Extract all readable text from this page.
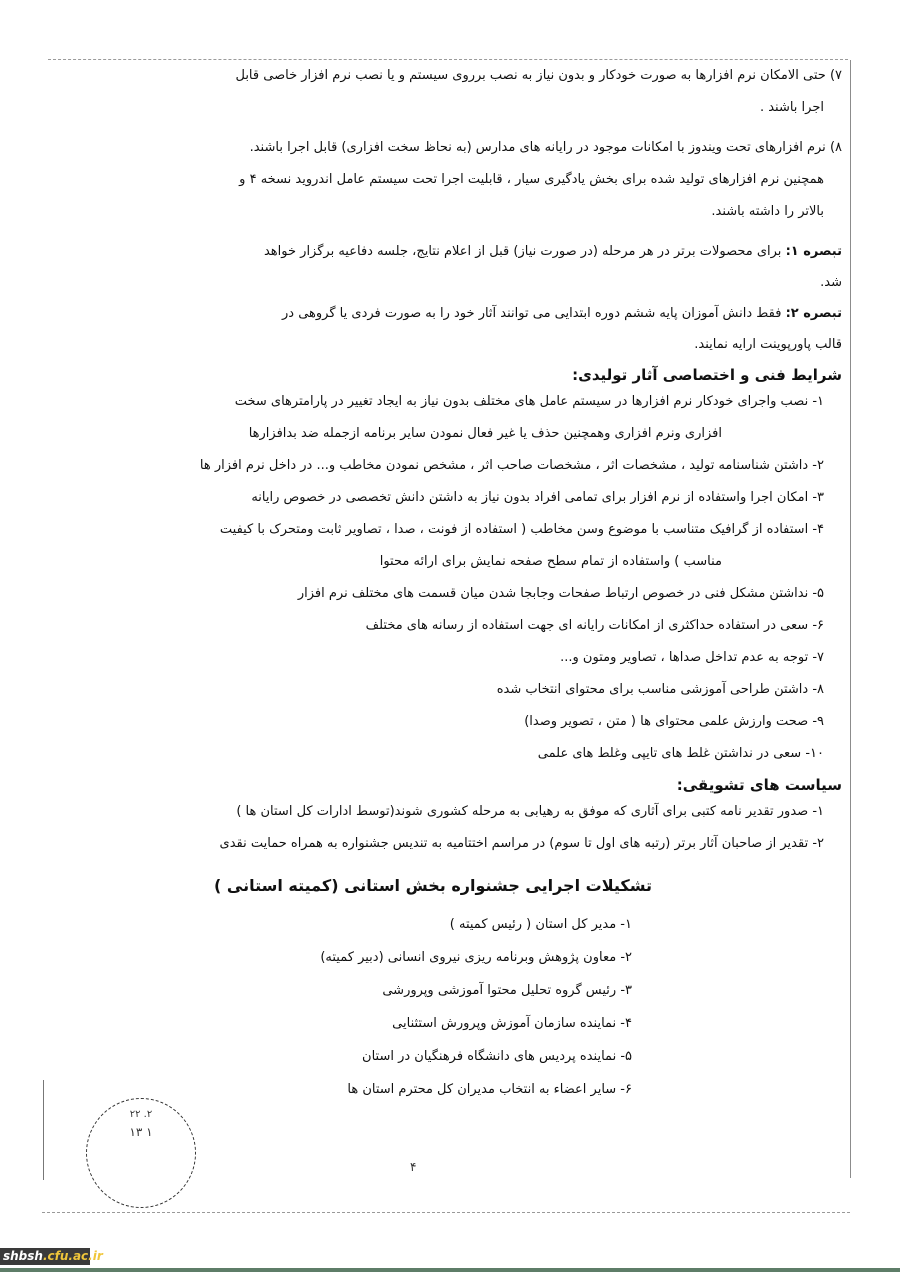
۷) حتی الامکان نرم افزارها به صورت خودکار و بدون نیاز به نصب برروی سیستم و یا نصب نرم افزار خاصی قابل
اجرا باشند .
۸) نرم افزارهای تحت ویندوز با امکانات موجود در رایانه های مدارس (به نحاظ سخت افزاری) قابل اجرا باشند.
همچنین نرم افزارهای تولید شده برای بخش یادگیری سیار ، قابلیت اجرا تحت سیستم عامل اندروید نسخه ۴ و
بالاتر را داشته باشند.
تبصره ۱: برای محصولات برتر در هر مرحله (در صورت نیاز) قبل از اعلام نتایج، جلسه دفاعیه برگزار خواهد
شد.
تبصره ۲: فقط دانش آموزان پایه ششم دوره ابتدایی می توانند آثار خود را به صورت فردی یا گروهی در
قالب پاورپوینت ارایه نمایند.
شرایط فنی و اختصاصی آثار تولیدی:
۱- نصب واجرای خودکار نرم افزارها در سیستم عامل های مختلف بدون نیاز به ایجاد تغییر در پارامترهای سخت
افزاری ونرم افزاری وهمچنین حذف یا غیر فعال نمودن سایر برنامه ازجمله ضد بدافزارها
۲- داشتن شناسنامه تولید ، مشخصات اثر ، مشخصات صاحب اثر ، مشخص نمودن مخاطب و... در داخل نرم افزار ها
۳- امکان اجرا واستفاده از نرم افزار برای تمامی افراد بدون نیاز به داشتن دانش تخصصی در خصوص رایانه
۴- استفاده از گرافیک متناسب با موضوع وسن مخاطب ( استفاده از فونت ، صدا ، تصاویر ثابت ومتحرک با کیفیت
مناسب ) واستفاده از تمام سطح صفحه نمایش برای ارائه محتوا
۵- نداشتن مشکل فنی در خصوص ارتباط صفحات وجابجا شدن میان قسمت های مختلف نرم افزار
۶- سعی در استفاده حداکثری از امکانات رایانه ای جهت استفاده از رسانه های مختلف
۷- توجه به عدم تداخل صداها ، تصاویر ومتون و...
۸- داشتن طراحی آموزشی مناسب برای محتوای انتخاب شده
۹- صحت وارزش علمی محتوای ها ( متن ، تصویر وصدا)
۱۰- سعی در نداشتن غلط های تایپی وغلط های علمی
سیاست های تشویقی:
۱- صدور تقدیر نامه کتبی برای آثاری که موفق به رهیابی به مرحله کشوری شوند(توسط ادارات کل استان ها )
۲- تقدیر از صاحبان آثار برتر (رتبه های اول تا سوم) در مراسم اختتامیه به تندیس جشنواره به همراه حمایت نقدی
تشکیلات اجرایی جشنواره بخش استانی (کمیته استانی )
۱- مدیر کل استان ( رئیس کمیته )
۲- معاون پژوهش وبرنامه ریزی نیروی انسانی (دبیر کمیته)
۳- رئیس گروه تحلیل محتوا آموزشی وپرورشی
۴- نماینده سازمان آموزش وپرورش استثنایی
۵- نماینده پردیس های دانشگاه فرهنگیان در استان
۶- سایر اعضاء به انتخاب مدیران کل محترم استان ها
۲۲ .۲
۱۳ ۱
۴
shbsh.cfu.ac.ir
